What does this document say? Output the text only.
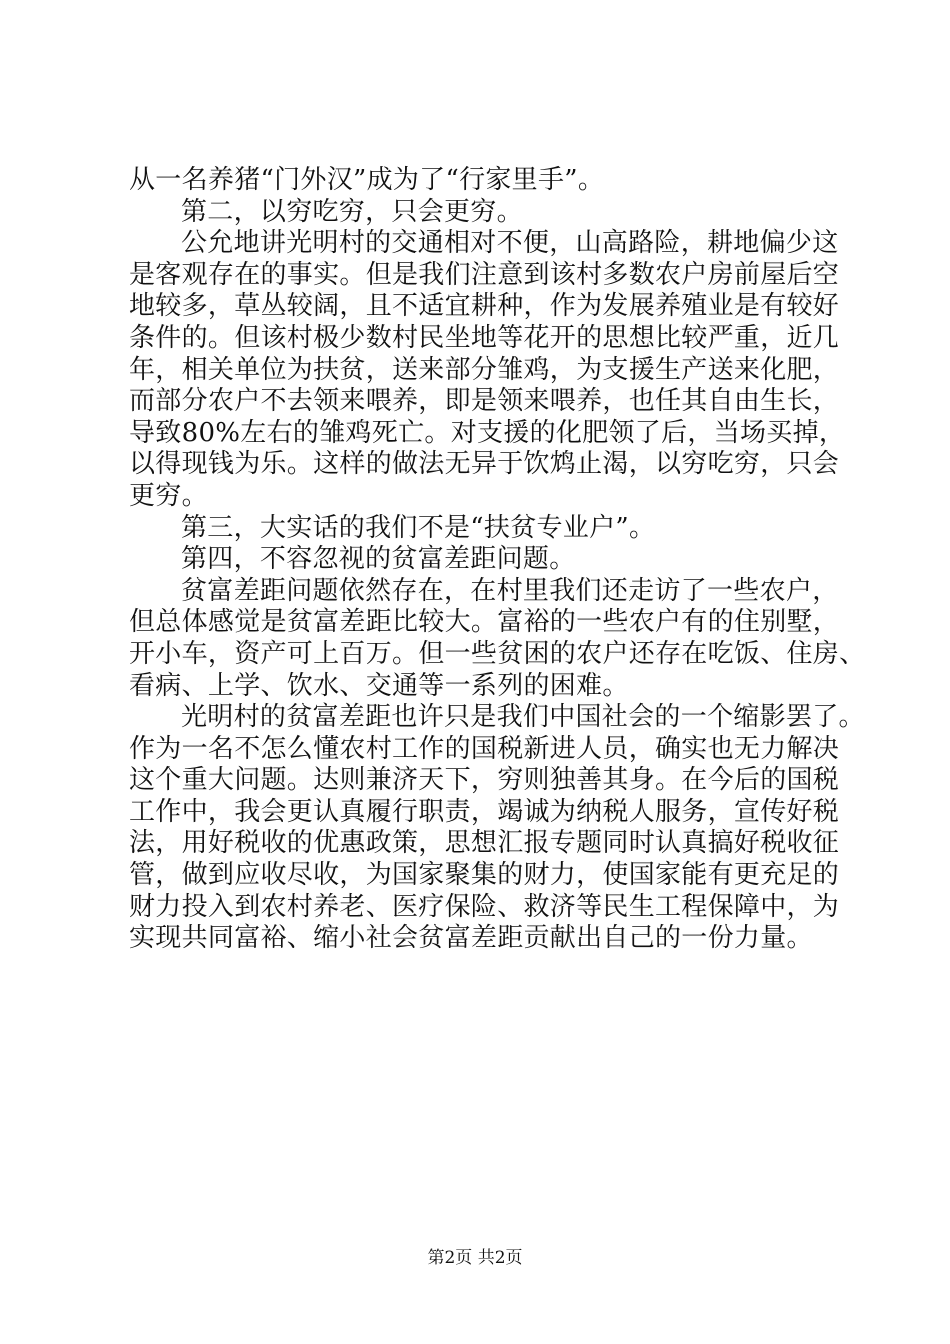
从一名养猪“门外汉”成为了“行家里手”。
第二，以穷吃穷，只会更穷。
公允地讲光明村的交通相对不便，山高路险，耕地偏少这
是客观存在的事实。但是我们注意到该村多数农户房前屋后空
地较多，草丛较阔，且不适宜耕种，作为发展养殖业是有较好
条件的。但该村极少数村民坐地等花开的思想比较严重，近几
年，相关单位为扶贫，送来部分雏鸡，为支援生产送来化肥，
而部分农户不去领来喂养，即是领来喂养，也任其自由生长，
导致80%左右的雏鸡死亡。对支援的化肥领了后，当场买掉，
以得现钱为乐。这样的做法无异于饮鸩止渴，以穷吃穷，只会
更穷。
第三，大实话的我们不是“扶贫专业户”。
第四，不容忽视的贫富差距问题。
贫富差距问题依然存在，在村里我们还走访了一些农户，
但总体感觉是贫富差距比较大。富裕的一些农户有的住别墅，
开小车，资产可上百万。但一些贫困的农户还存在吃饭、住房、
看病、上学、饮水、交通等一系列的困难。
光明村的贫富差距也许只是我们中国社会的一个缩影罢了。
作为一名不怎么懂农村工作的国税新进人员，确实也无力解决
这个重大问题。达则兼济天下，穷则独善其身。在今后的国税
工作中，我会更认真履行职责，竭诚为纳税人服务，宣传好税
法，用好税收的优惠政策，思想汇报专题同时认真搞好税收征
管，做到应收尽收，为国家聚集的财力，使国家能有更充足的
财力投入到农村养老、医疗保险、救济等民生工程保障中，为
实现共同富裕、缩小社会贫富差距贡献出自己的一份力量。
第2页 共2页
